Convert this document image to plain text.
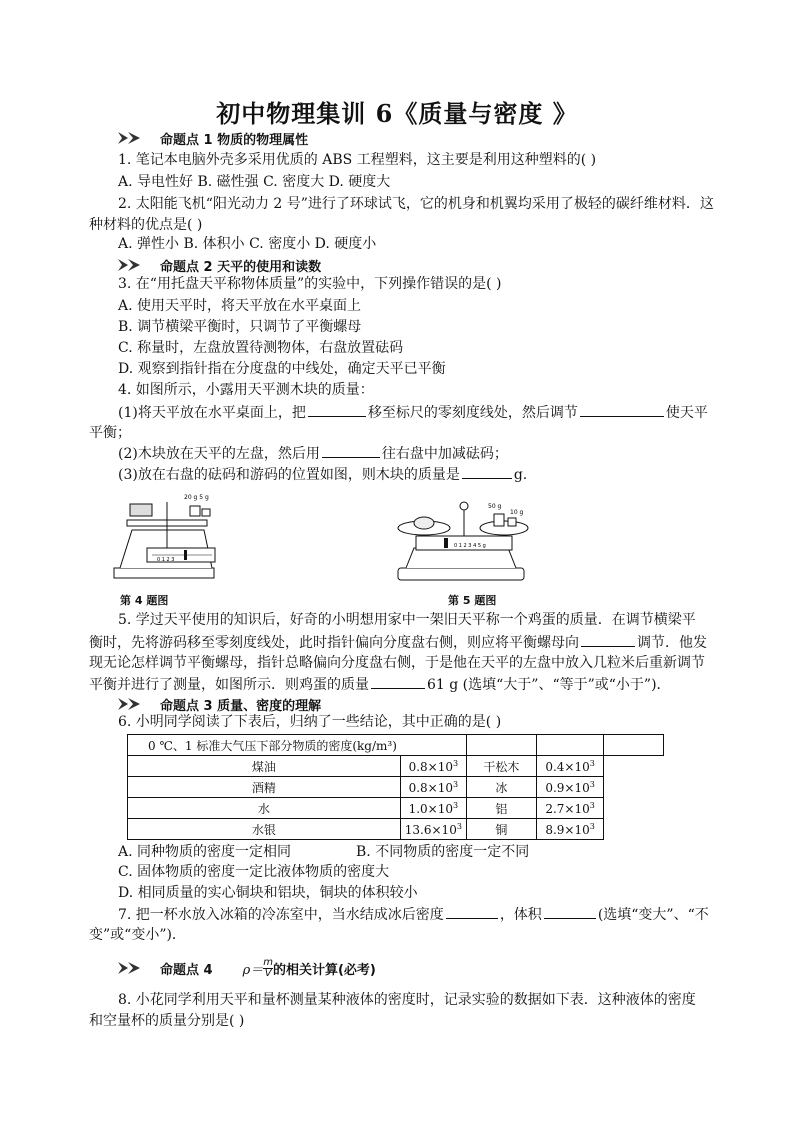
初中物理集训 6《质量与密度 》
命题点 1 物质的物理属性
1. 笔记本电脑外壳多采用优质的 ABS 工程塑料，这主要是利用这种塑料的( )
A. 导电性好 B. 磁性强 C. 密度大 D. 硬度大
2. 太阳能飞机“阳光动力 2 号”进行了环球试飞，它的机身和机翼均采用了极轻的碳纤维材料．这
种材料的优点是( )
A. 弹性小 B. 体积小 C. 密度小 D. 硬度小
命题点 2 天平的使用和读数
3. 在“用托盘天平称物体质量”的实验中，下列操作错误的是( )
A. 使用天平时，将天平放在水平桌面上
B. 调节横梁平衡时，只调节了平衡螺母
C. 称量时，左盘放置待测物体，右盘放置砝码
D. 观察到指针指在分度盘的中线处，确定天平已平衡
4. 如图所示，小露用天平测木块的质量：
(1)将天平放在水平桌面上，把	移至标尺的零刻度线处，然后调节	使天平
平衡；
(2)木块放在天平的左盘，然后用	往右盘中加减砝码；
(3)放在右盘的砝码和游码的位置如图，则木块的质量是	g.
20 g 5 g
0 1 2 3
第 4 题图
50 g
10 g
0 1 2 3 4 5 g
第 5 题图
5. 学过天平使用的知识后，好奇的小明想用家中一架旧天平称一个鸡蛋的质量．在调节横梁平
衡时，先将游码移至零刻度线处，此时指针偏向分度盘右侧，则应将平衡螺母向	调节．他发
现无论怎样调节平衡螺母，指针总略偏向分度盘右侧，于是他在天平的左盘中放入几粒米后重新调节
平衡并进行了测量，如图所示．则鸡蛋的质量	61 g (选填“大于”、“等于”或“小于”)．
命题点 3 质量、密度的理解
6. 小明同学阅读了下表后，归纳了一些结论，其中正确的是( )
0 ℃、1 标准大气压下部分物质的密度(kg/m³)				
煤油	$0.8\times 10^3$	干松木	$0.4\times 10^3$
酒精	$0.8\times 10^3$	冰	$0.9\times 10^3$
水	$1.0\times 10^3$	铝	$2.7\times 10^3$
水银	$13.6\times 10^3$	铜	$8.9\times 10^3$
A. 同种物质的密度一定相同	B. 不同物质的密度一定不同
C. 固体物质的密度一定比液体物质的密度大
D. 相同质量的实心铜块和铝块，铜块的体积较小
7. 把一杯水放入冰箱的冷冻室中，当水结成冰后密度	，体积	(选填“变大”、“不
变”或“变小”)．
命题点 4 $\rho= \frac{m}{V}$ 的相关计算(必考)
8. 小花同学利用天平和量杯测量某种液体的密度时，记录实验的数据如下表．这种液体的密度
和空量杯的质量分别是( )
